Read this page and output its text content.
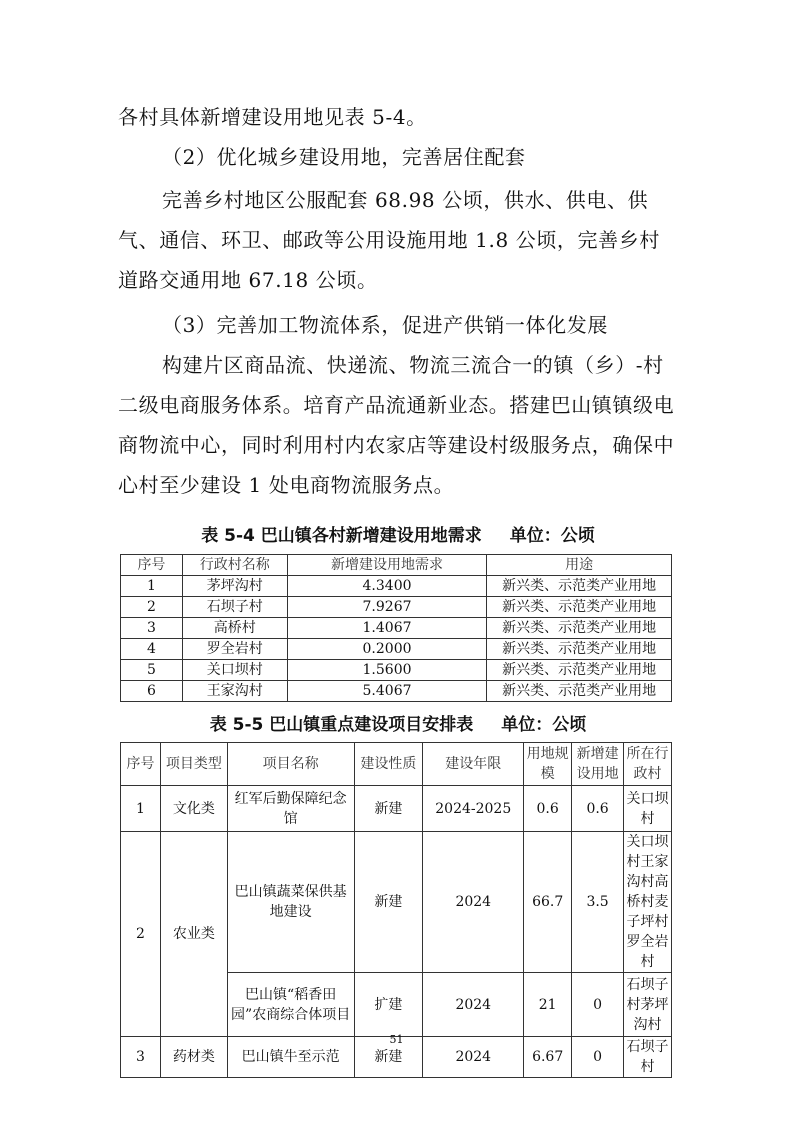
各村具体新增建设用地见表 5-4。

（2）优化城乡建设用地，完善居住配套

完善乡村地区公服配套 68.98 公顷，供水、供电、供气、通信、环卫、邮政等公用设施用地 1.8 公顷，完善乡村道路交通用地 67.18 公顷。

（3）完善加工物流体系，促进产供销一体化发展

构建片区商品流、快递流、物流三流合一的镇（乡）-村二级电商服务体系。培育产品流通新业态。搭建巴山镇镇级电商物流中心，同时利用村内农家店等建设村级服务点，确保中心村至少建设 1 处电商物流服务点。

表 5-4 巴山镇各村新增建设用地需求 单位：公顷

序号	行政村名称	新增建设用地需求	用途
1	茅坪沟村	4.3400	新兴类、示范类产业用地
2	石坝子村	7.9267	新兴类、示范类产业用地
3	高桥村	1.4067	新兴类、示范类产业用地
4	罗全岩村	0.2000	新兴类、示范类产业用地
5	关口坝村	1.5600	新兴类、示范类产业用地
6	王家沟村	5.4067	新兴类、示范类产业用地

表 5-5 巴山镇重点建设项目安排表 单位：公顷

序号	项目类型	项目名称	建设性质	建设年限	用地规模	新增建设用地	所在行政村
1	文化类	红军后勤保障纪念馆	新建	2024-2025	0.6	0.6	关口坝村
2	农业类	巴山镇蔬菜保供基地建设	新建	2024	66.7	3.5	关口坝村王家沟村高桥村麦子坪村罗全岩村
		巴山镇“稻香田园”农商综合体项目	扩建	2024	21	0	石坝子村茅坪沟村
3	药材类	巴山镇牛至示范	新建	2024	6.67	0	石坝子村

51
